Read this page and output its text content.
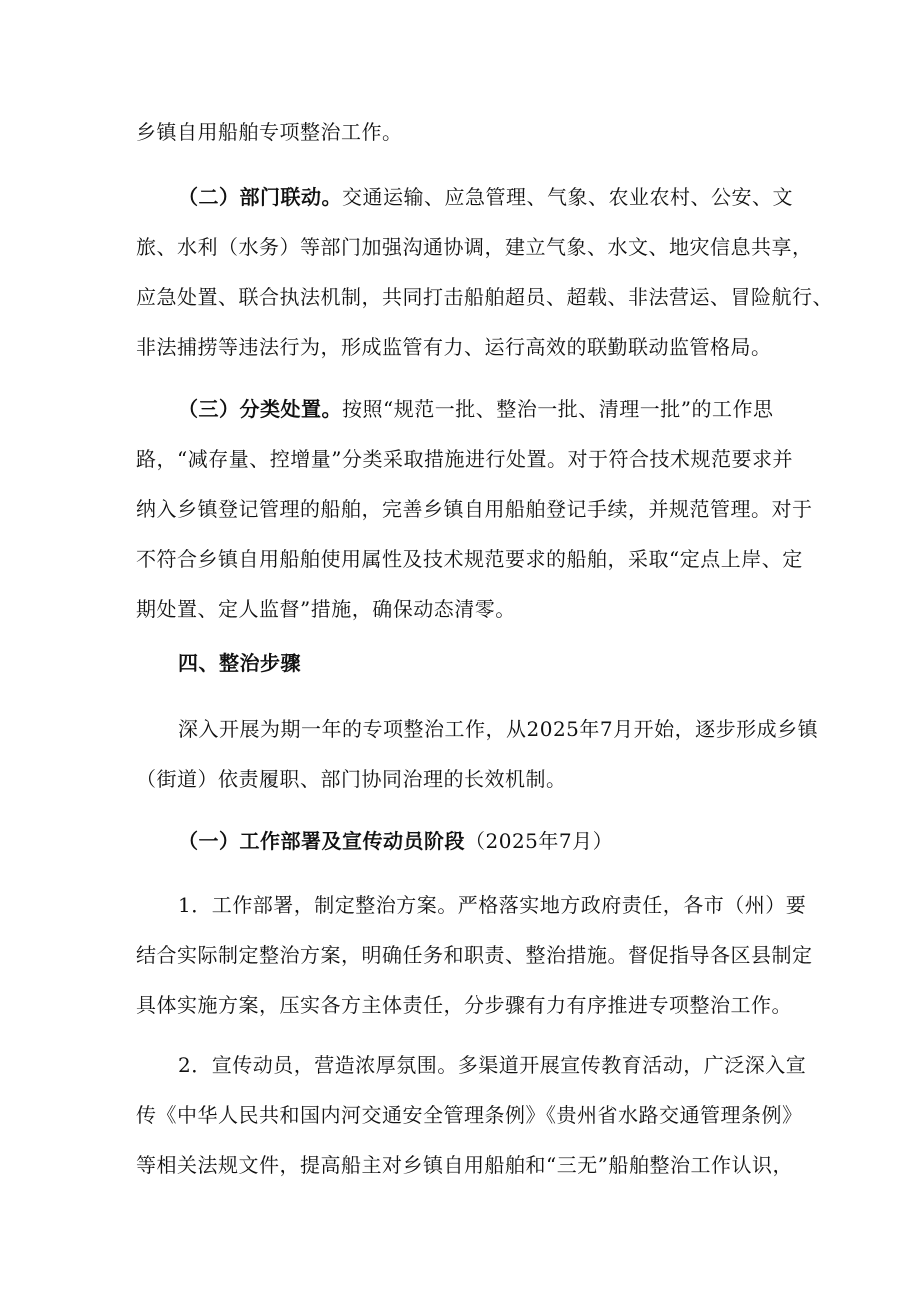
乡镇自用船舶专项整治工作。
（二）部门联动。交通运输、应急管理、气象、农业农村、公安、文
旅、水利（水务）等部门加强沟通协调，建立气象、水文、地灾信息共享，
应急处置、联合执法机制，共同打击船舶超员、超载、非法营运、冒险航行、
非法捕捞等违法行为，形成监管有力、运行高效的联勤联动监管格局。
（三）分类处置。按照“规范一批、整治一批、清理一批”的工作思
路，“减存量、控增量”分类采取措施进行处置。对于符合技术规范要求并
纳入乡镇登记管理的船舶，完善乡镇自用船舶登记手续，并规范管理。对于
不符合乡镇自用船舶使用属性及技术规范要求的船舶，采取“定点上岸、定
期处置、定人监督”措施，确保动态清零。
四、整治步骤
深入开展为期一年的专项整治工作，从2025年7月开始，逐步形成乡镇
（街道）依责履职、部门协同治理的长效机制。
（一）工作部署及宣传动员阶段（2025年7月）
1．工作部署，制定整治方案。严格落实地方政府责任，各市（州）要
结合实际制定整治方案，明确任务和职责、整治措施。督促指导各区县制定
具体实施方案，压实各方主体责任，分步骤有力有序推进专项整治工作。
2．宣传动员，营造浓厚氛围。多渠道开展宣传教育活动，广泛深入宣
传《中华人民共和国内河交通安全管理条例》《贵州省水路交通管理条例》
等相关法规文件，提高船主对乡镇自用船舶和“三无”船舶整治工作认识，
